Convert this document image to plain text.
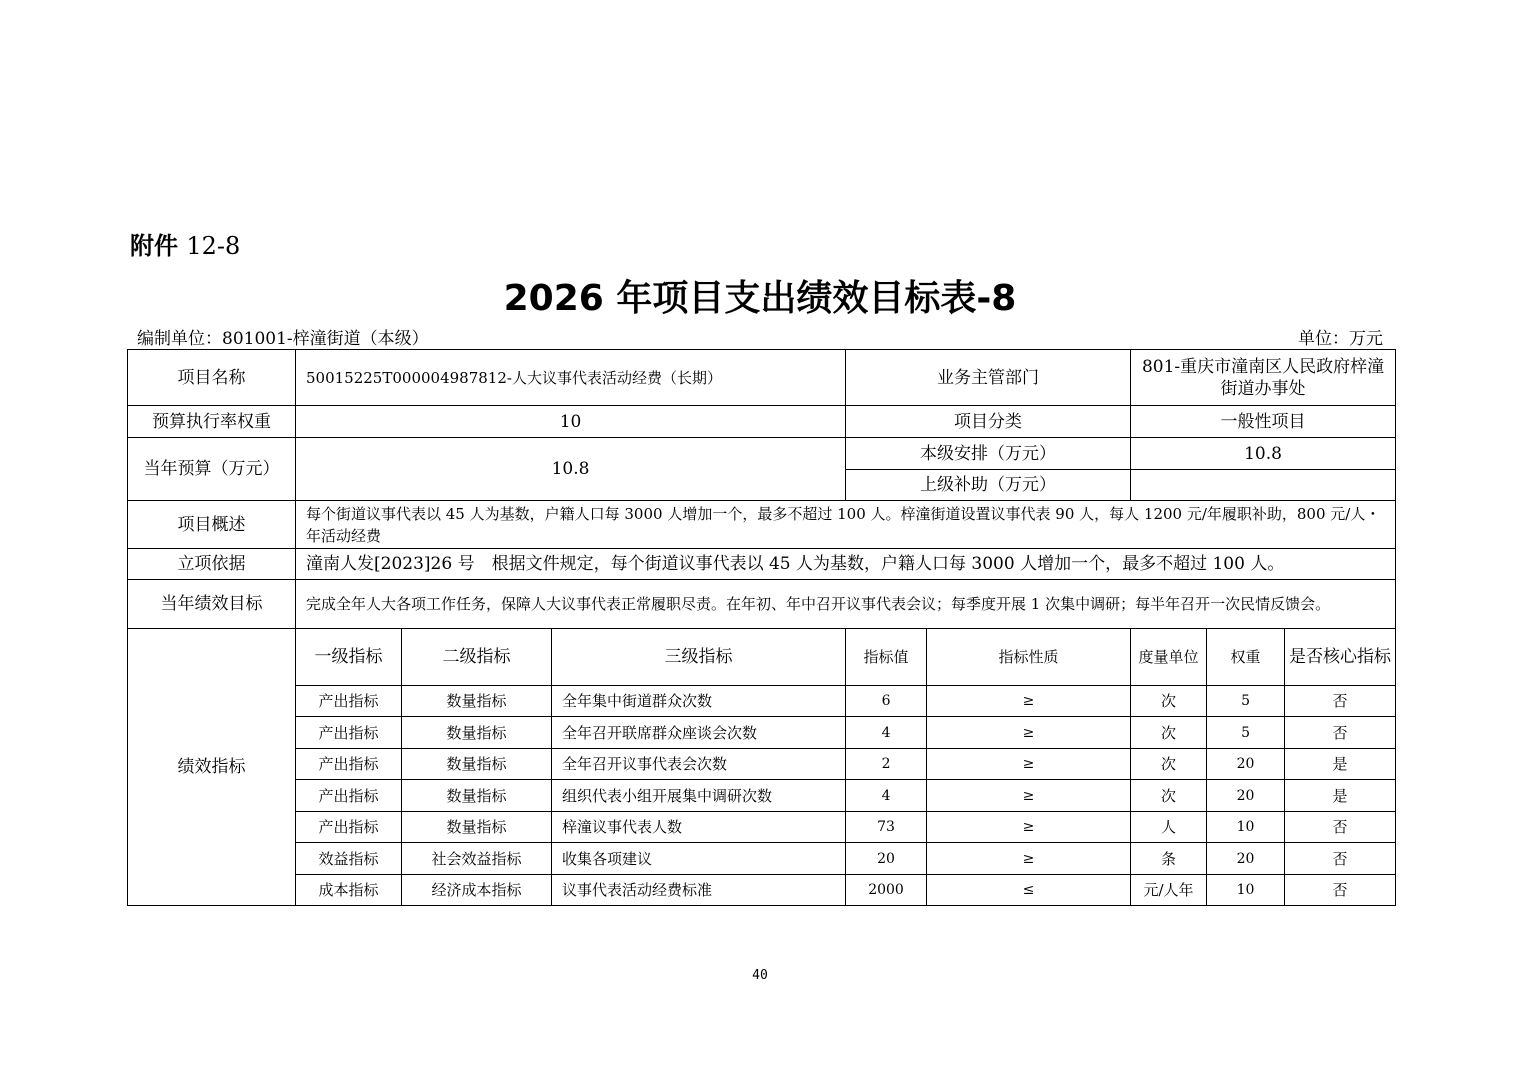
附件 12-8
2026 年项目支出绩效目标表-8
编制单位：801001-梓潼街道（本级）	单位：万元
项目名称	50015225T000004987812-人大议事代表活动经费（长期）			业务主管部门		801-重庆市潼南区人民政府梓潼街道办事处		
预算执行率权重	10			项目分类		一般性项目		
当年预算（万元）	10.8			本级安排（万元）		10.8		
				上级补助（万元）				
项目概述	每个街道议事代表以 45 人为基数，户籍人口每 3000 人增加一个，最多不超过 100 人。梓潼街道设置议事代表 90 人，每人 1200 元/年履职补助，800 元/人・年活动经费							
立项依据	潼南人发[2023]26 号　根据文件规定，每个街道议事代表以 45 人为基数，户籍人口每 3000 人增加一个，最多不超过 100 人。							
当年绩效目标	完成全年人大各项工作任务，保障人大议事代表正常履职尽责。在年初、年中召开议事代表会议；每季度开展 1 次集中调研；每半年召开一次民情反馈会。							
绩效指标	一级指标	二级指标	三级指标	指标值	指标性质	度量单位	权重	是否核心指标
	产出指标	数量指标	全年集中街道群众次数	6	≥	次	5	否
	产出指标	数量指标	全年召开联席群众座谈会次数	4	≥	次	5	否
	产出指标	数量指标	全年召开议事代表会次数	2	≥	次	20	是
	产出指标	数量指标	组织代表小组开展集中调研次数	4	≥	次	20	是
	产出指标	数量指标	梓潼议事代表人数	73	≥	人	10	否
	效益指标	社会效益指标	收集各项建议	20	≥	条	20	否
	成本指标	经济成本指标	议事代表活动经费标准	2000	≤	元/人年	10	否
40
